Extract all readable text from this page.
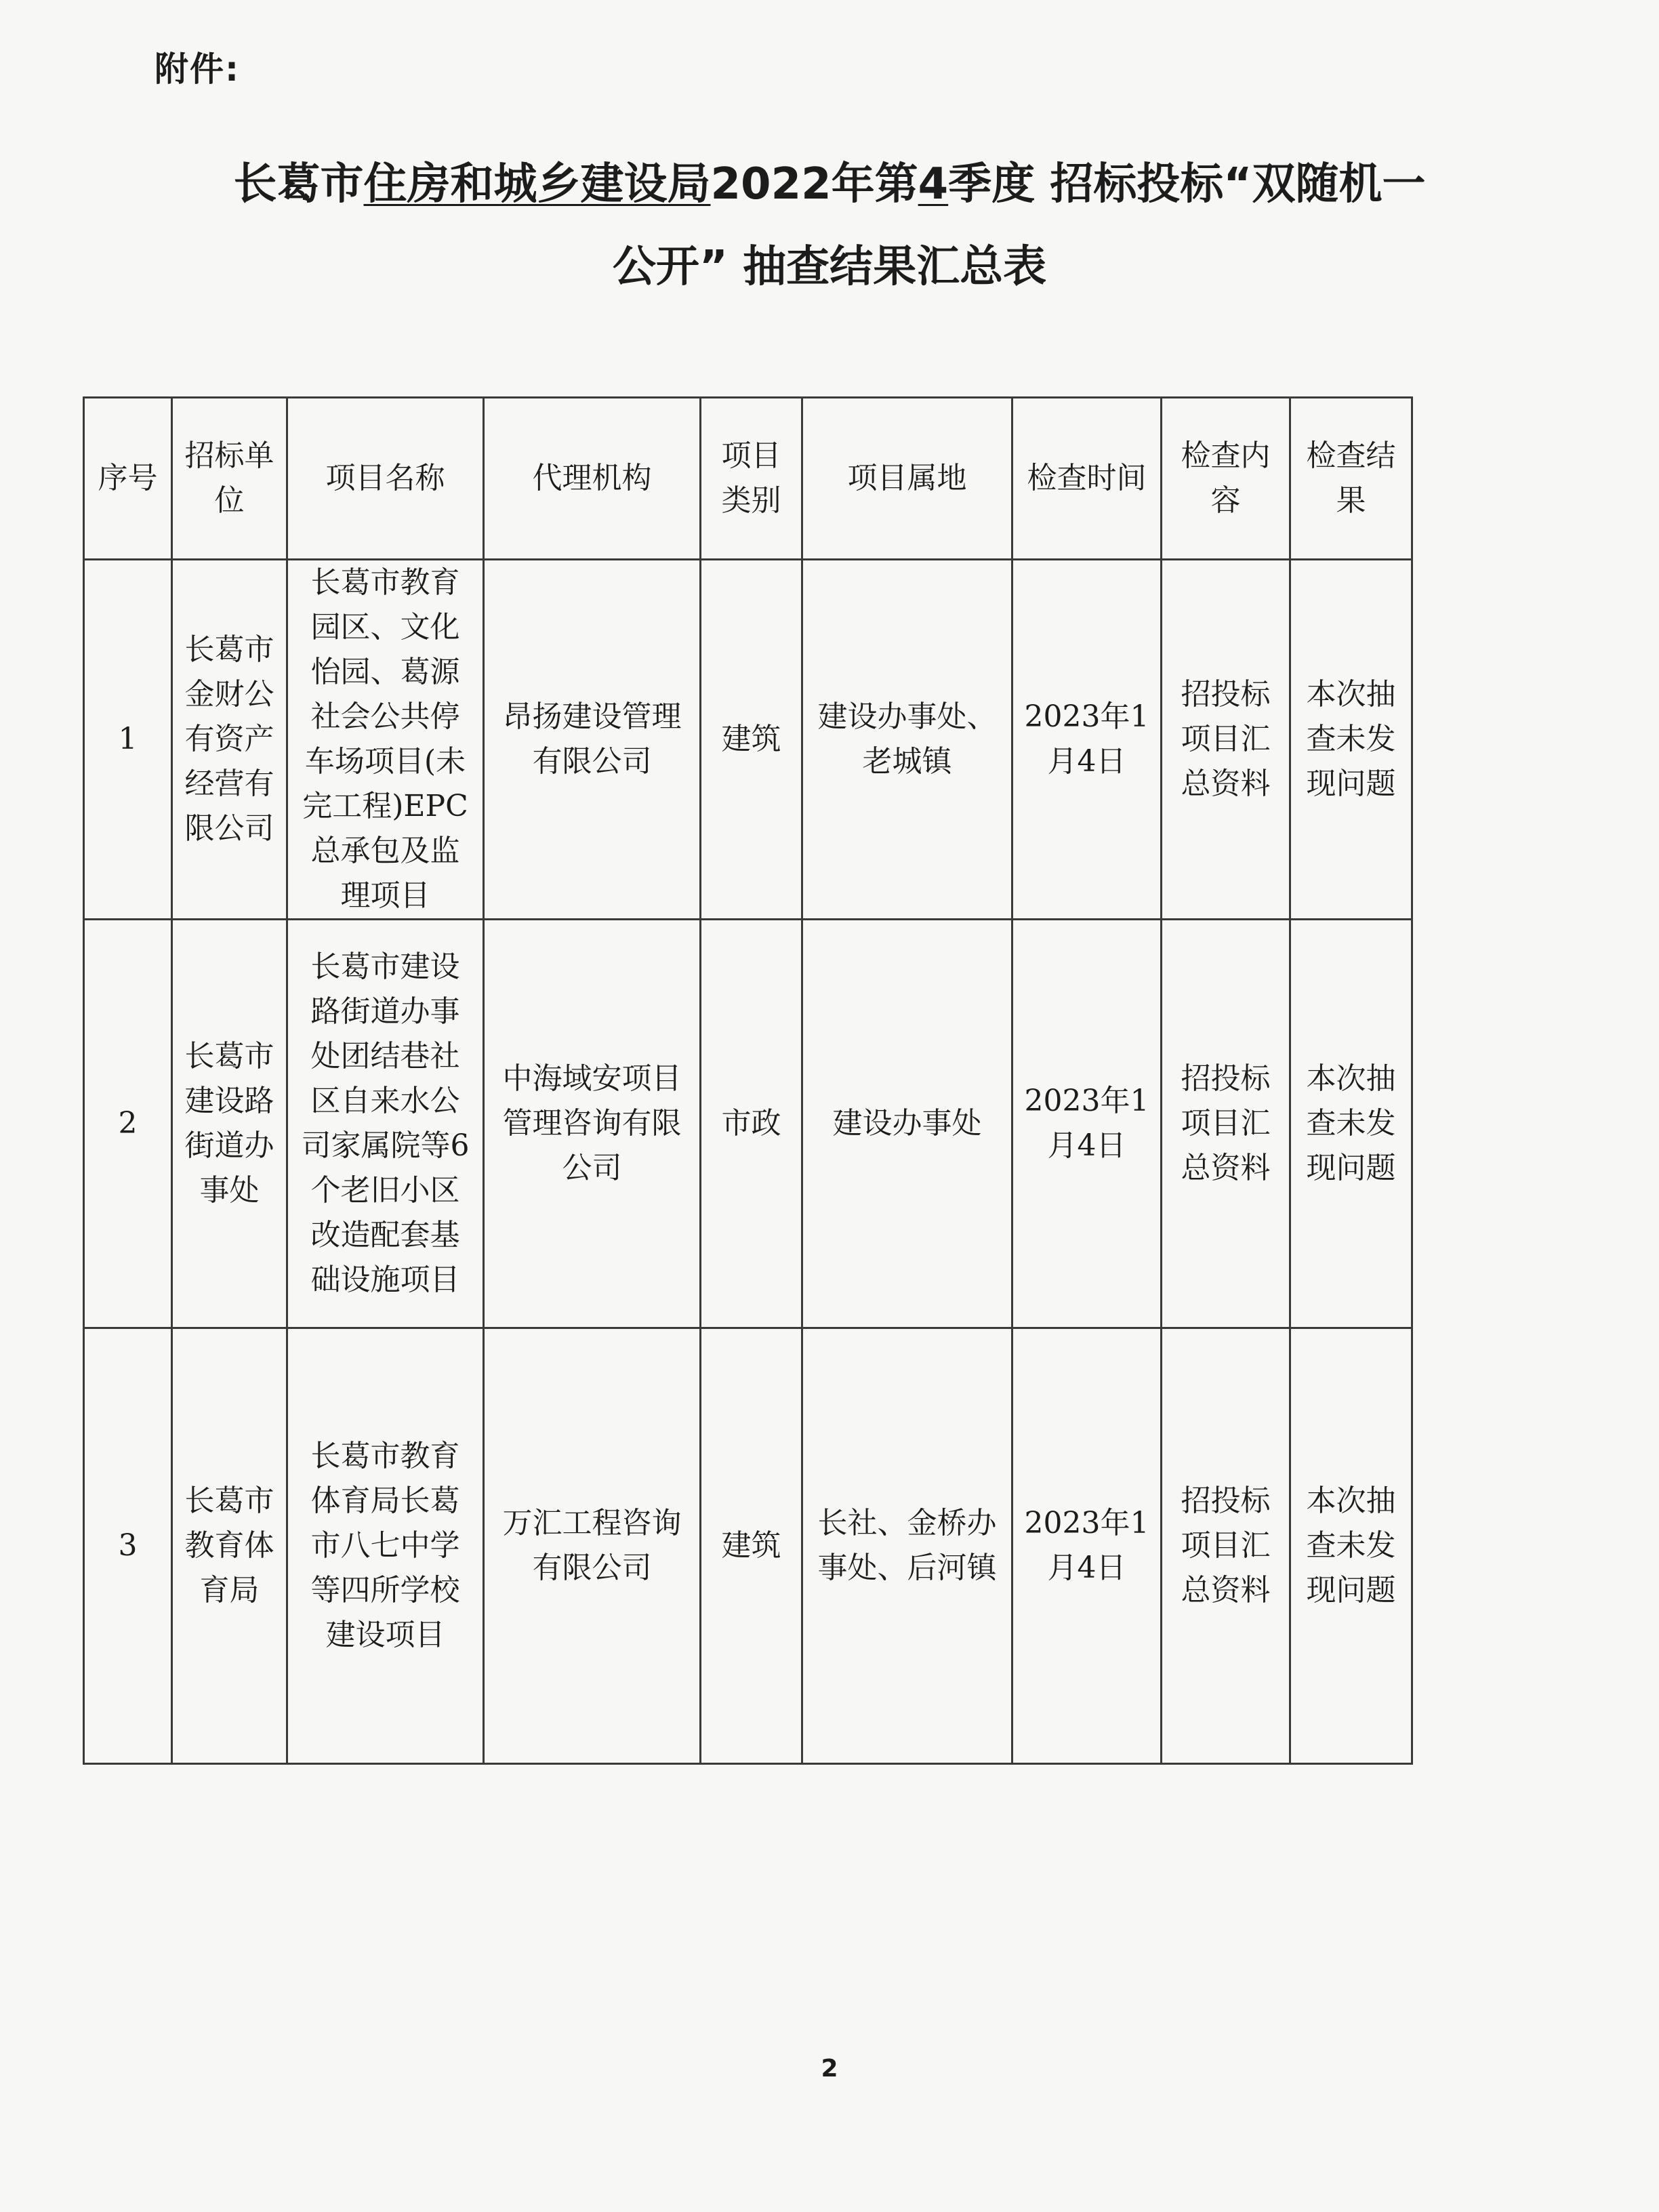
附件:
长葛市住房和城乡建设局2022年第4季度 招标投标“双随机一
公开” 抽查结果汇总表
序号	招标单位	项目名称	代理机构	项目类别	项目属地	检查时间	检查内容	检查结果

1	长葛市金财公有资产经营有限公司	长葛市教育园区、文化怡园、葛源社会公共停车场项目(未完工程)EPC总承包及监理项目	昂扬建设管理有限公司	建筑	建设办事处、老城镇	2023年1月4日	招投标项目汇总资料	本次抽查未发现问题

2	长葛市建设路街道办事处	长葛市建设路街道办事处团结巷社区自来水公司家属院等6个老旧小区改造配套基础设施项目	中海域安项目管理咨询有限公司	市政	建设办事处	2023年1月4日	招投标项目汇总资料	本次抽查未发现问题

3	长葛市教育体育局	长葛市教育体育局长葛市八七中学等四所学校建设项目	万汇工程咨询有限公司	建筑	长社、金桥办事处、后河镇	2023年1月4日	招投标项目汇总资料	本次抽查未发现问题
2
